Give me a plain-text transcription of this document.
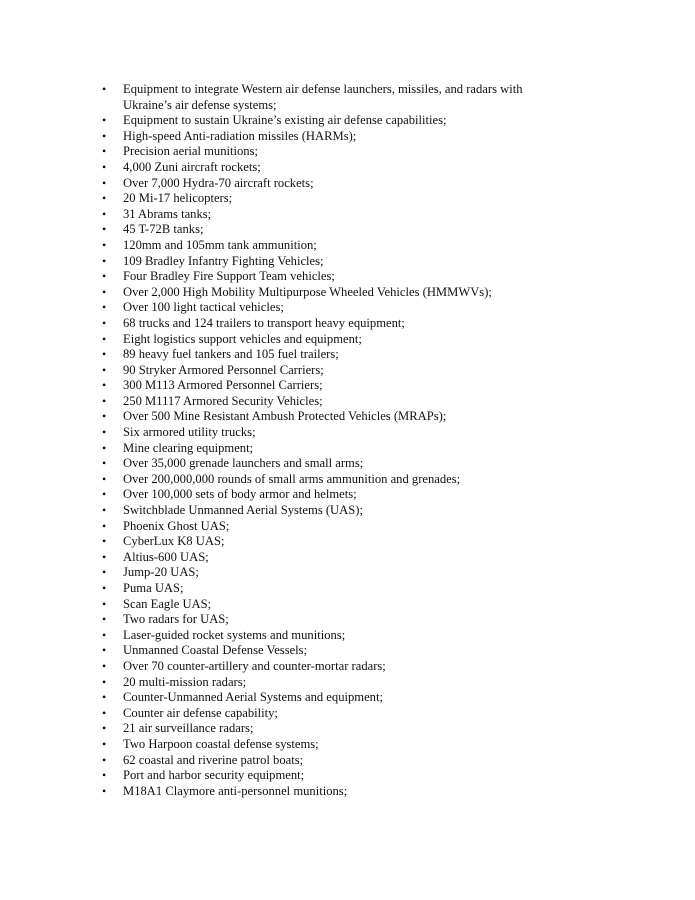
•	Equipment to integrate Western air defense launchers, missiles, and radars with Ukraine’s air defense systems;
•	Equipment to sustain Ukraine’s existing air defense capabilities;
•	High-speed Anti-radiation missiles (HARMs);
•	Precision aerial munitions;
•	4,000 Zuni aircraft rockets;
•	Over 7,000 Hydra-70 aircraft rockets;
•	20 Mi-17 helicopters;
•	31 Abrams tanks;
•	45 T-72B tanks;
•	120mm and 105mm tank ammunition;
•	109 Bradley Infantry Fighting Vehicles;
•	Four Bradley Fire Support Team vehicles;
•	Over 2,000 High Mobility Multipurpose Wheeled Vehicles (HMMWVs);
•	Over 100 light tactical vehicles;
•	68 trucks and 124 trailers to transport heavy equipment;
•	Eight logistics support vehicles and equipment;
•	89 heavy fuel tankers and 105 fuel trailers;
•	90 Stryker Armored Personnel Carriers;
•	300 M113 Armored Personnel Carriers;
•	250 M1117 Armored Security Vehicles;
•	Over 500 Mine Resistant Ambush Protected Vehicles (MRAPs);
•	Six armored utility trucks;
•	Mine clearing equipment;
•	Over 35,000 grenade launchers and small arms;
•	Over 200,000,000 rounds of small arms ammunition and grenades;
•	Over 100,000 sets of body armor and helmets;
•	Switchblade Unmanned Aerial Systems (UAS);
•	Phoenix Ghost UAS;
•	CyberLux K8 UAS;
•	Altius-600 UAS;
•	Jump-20 UAS;
•	Puma UAS;
•	Scan Eagle UAS;
•	Two radars for UAS;
•	Laser-guided rocket systems and munitions;
•	Unmanned Coastal Defense Vessels;
•	Over 70 counter-artillery and counter-mortar radars;
•	20 multi-mission radars;
•	Counter-Unmanned Aerial Systems and equipment;
•	Counter air defense capability;
•	21 air surveillance radars;
•	Two Harpoon coastal defense systems;
•	62 coastal and riverine patrol boats;
•	Port and harbor security equipment;
•	M18A1 Claymore anti-personnel munitions;
